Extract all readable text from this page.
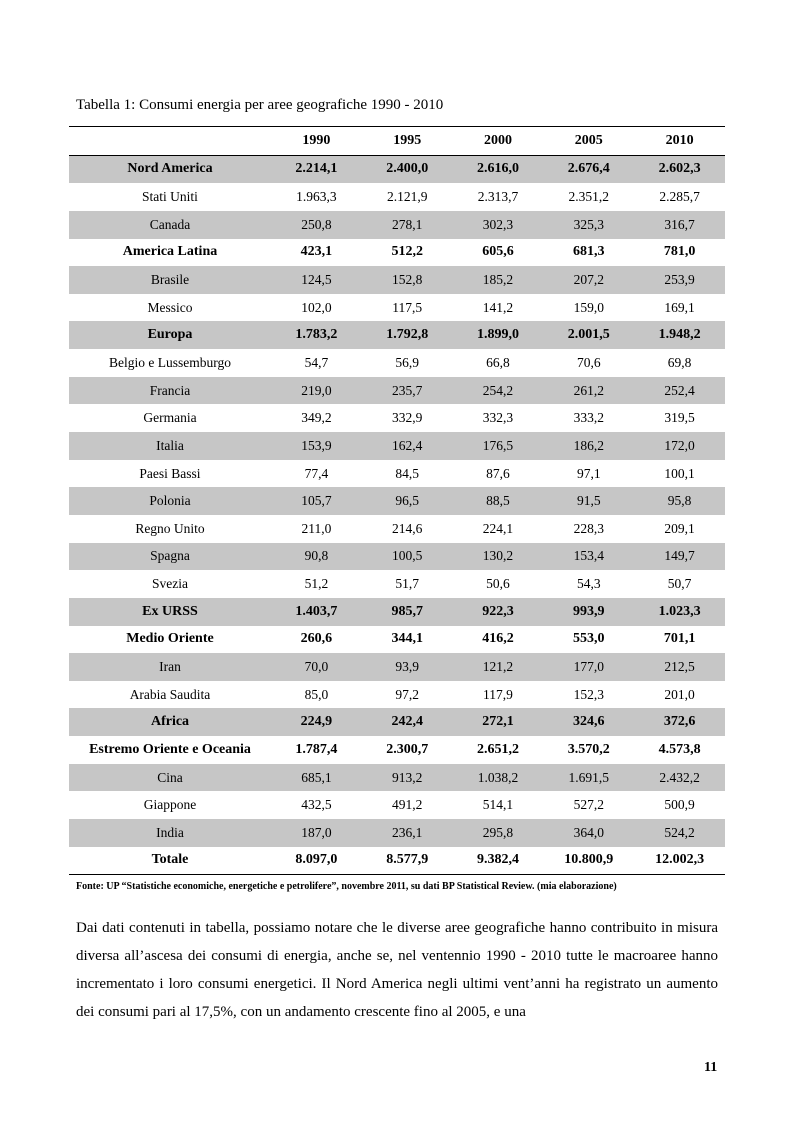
Tabella 1: Consumi energia per aree geografiche 1990 - 2010
	1990	1995	2000	2005	2010
Nord America	2.214,1	2.400,0	2.616,0	2.676,4	2.602,3
Stati Uniti	1.963,3	2.121,9	2.313,7	2.351,2	2.285,7
Canada	250,8	278,1	302,3	325,3	316,7
America Latina	423,1	512,2	605,6	681,3	781,0
Brasile	124,5	152,8	185,2	207,2	253,9
Messico	102,0	117,5	141,2	159,0	169,1
Europa	1.783,2	1.792,8	1.899,0	2.001,5	1.948,2
Belgio e Lussemburgo	54,7	56,9	66,8	70,6	69,8
Francia	219,0	235,7	254,2	261,2	252,4
Germania	349,2	332,9	332,3	333,2	319,5
Italia	153,9	162,4	176,5	186,2	172,0
Paesi Bassi	77,4	84,5	87,6	97,1	100,1
Polonia	105,7	96,5	88,5	91,5	95,8
Regno Unito	211,0	214,6	224,1	228,3	209,1
Spagna	90,8	100,5	130,2	153,4	149,7
Svezia	51,2	51,7	50,6	54,3	50,7
Ex URSS	1.403,7	985,7	922,3	993,9	1.023,3
Medio Oriente	260,6	344,1	416,2	553,0	701,1
Iran	70,0	93,9	121,2	177,0	212,5
Arabia Saudita	85,0	97,2	117,9	152,3	201,0
Africa	224,9	242,4	272,1	324,6	372,6
Estremo Oriente e Oceania	1.787,4	2.300,7	2.651,2	3.570,2	4.573,8
Cina	685,1	913,2	1.038,2	1.691,5	2.432,2
Giappone	432,5	491,2	514,1	527,2	500,9
India	187,0	236,1	295,8	364,0	524,2
Totale	8.097,0	8.577,9	9.382,4	10.800,9	12.002,3
Fonte: UP “Statistiche economiche, energetiche e petrolifere”, novembre 2011, su dati BP Statistical Review. (mia elaborazione)

Dai dati contenuti in tabella, possiamo notare che le diverse aree geografiche hanno contribuito in misura diversa all’ascesa dei consumi di energia, anche se, nel ventennio 1990 - 2010 tutte le macroaree hanno incrementato i loro consumi energetici. Il Nord America negli ultimi vent’anni ha registrato un aumento dei consumi pari al 17,5%, con un andamento crescente fino al 2005, e una

11
